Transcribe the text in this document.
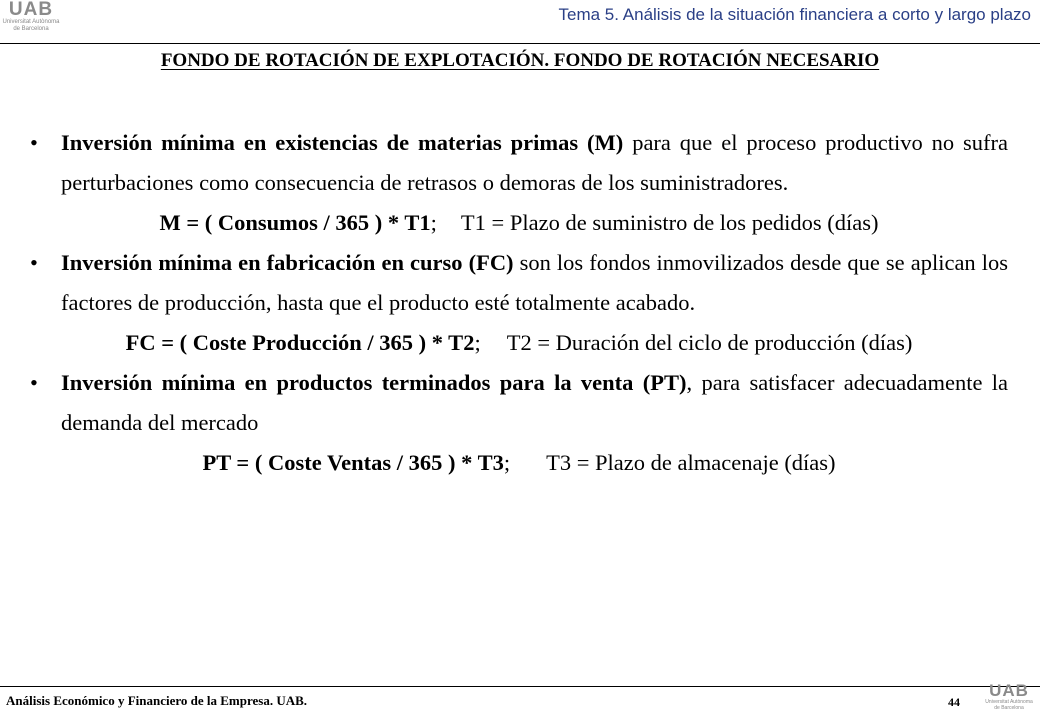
UAB
Universitat Autònoma
de Barcelona
Tema 5. Análisis de la situación financiera a corto y largo plazo
FONDO DE ROTACIÓN DE EXPLOTACIÓN. FONDO DE ROTACIÓN NECESARIO
• Inversión mínima en existencias de materias primas (M) para que el proceso productivo no sufra perturbaciones como consecuencia de retrasos o demoras de los suministradores.
M = ( Consumos / 365 ) * T1; T1 = Plazo de suministro de los pedidos (días)
• Inversión mínima en fabricación en curso (FC) son los fondos inmovilizados desde que se aplican los factores de producción, hasta que el producto esté totalmente acabado.
FC = ( Coste Producción / 365 ) * T2; T2 = Duración del ciclo de producción (días)
• Inversión mínima en productos terminados para la venta (PT), para satisfacer adecuadamente la demanda del mercado
PT = ( Coste Ventas / 365 ) * T3; T3 = Plazo de almacenaje (días)
Análisis Económico y Financiero de la Empresa. UAB.	44
UAB
Universitat Autònoma
de Barcelona
